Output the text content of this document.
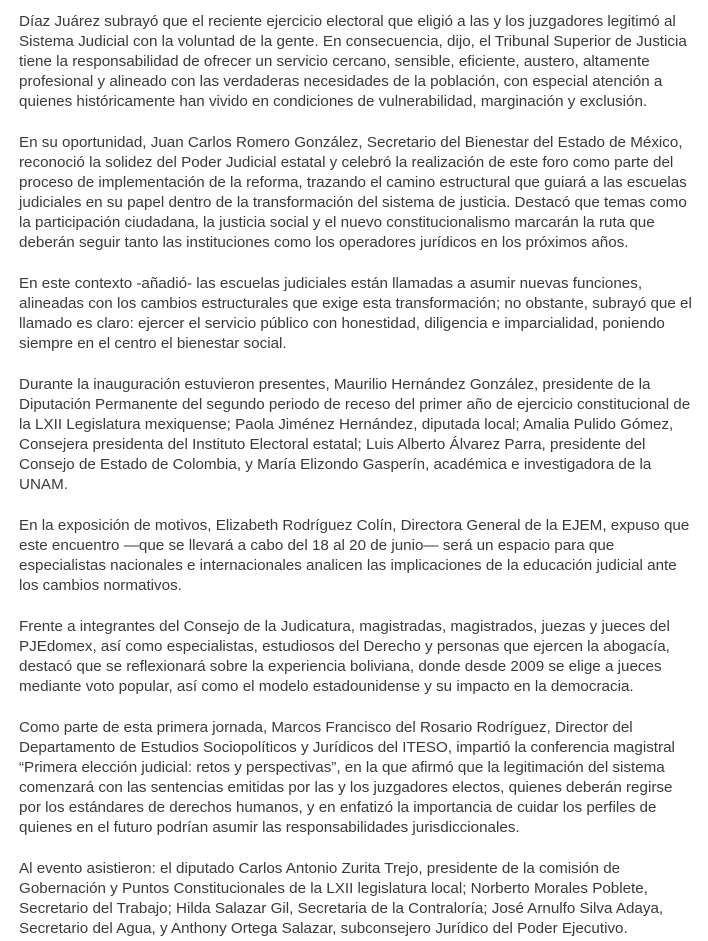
Díaz Juárez subrayó que el reciente ejercicio electoral que eligió a las y los juzgadores legitimó al Sistema Judicial con la voluntad de la gente. En consecuencia, dijo, el Tribunal Superior de Justicia tiene la responsabilidad de ofrecer un servicio cercano, sensible, eficiente, austero, altamente profesional y alineado con las verdaderas necesidades de la población, con especial atención a quienes históricamente han vivido en condiciones de vulnerabilidad, marginación y exclusión.

En su oportunidad, Juan Carlos Romero González, Secretario del Bienestar del Estado de México, reconoció la solidez del Poder Judicial estatal y celebró la realización de este foro como parte del proceso de implementación de la reforma, trazando el camino estructural que guiará a las escuelas judiciales en su papel dentro de la transformación del sistema de justicia. Destacó que temas como la participación ciudadana, la justicia social y el nuevo constitucionalismo marcarán la ruta que deberán seguir tanto las instituciones como los operadores jurídicos en los próximos años.

En este contexto -añadió- las escuelas judiciales están llamadas a asumir nuevas funciones, alineadas con los cambios estructurales que exige esta transformación; no obstante, subrayó que el llamado es claro: ejercer el servicio público con honestidad, diligencia e imparcialidad, poniendo siempre en el centro el bienestar social.

Durante la inauguración estuvieron presentes, Maurilio Hernández González, presidente de la Diputación Permanente del segundo periodo de receso del primer año de ejercicio constitucional de la LXII Legislatura mexiquense; Paola Jiménez Hernández, diputada local; Amalia Pulido Gómez, Consejera presidenta del Instituto Electoral estatal; Luis Alberto Álvarez Parra, presidente del Consejo de Estado de Colombia, y María Elizondo Gasperín, académica e investigadora de la UNAM.

En la exposición de motivos, Elizabeth Rodríguez Colín, Directora General de la EJEM, expuso que este encuentro —que se llevará a cabo del 18 al 20 de junio— será un espacio para que especialistas nacionales e internacionales analicen las implicaciones de la educación judicial ante los cambios normativos.

Frente a integrantes del Consejo de la Judicatura, magistradas, magistrados, juezas y jueces del PJEdomex, así como especialistas, estudiosos del Derecho y personas que ejercen la abogacía, destacó que se reflexionará sobre la experiencia boliviana, donde desde 2009 se elige a jueces mediante voto popular, así como el modelo estadounidense y su impacto en la democracia.

Como parte de esta primera jornada, Marcos Francisco del Rosario Rodríguez, Director del Departamento de Estudios Sociopolíticos y Jurídicos del ITESO, impartió la conferencia magistral “Primera elección judicial: retos y perspectivas”, en la que afirmó que la legitimación del sistema comenzará con las sentencias emitidas por las y los juzgadores electos, quienes deberán regirse por los estándares de derechos humanos, y en enfatizó la importancia de cuidar los perfiles de quienes en el futuro podrían asumir las responsabilidades jurisdiccionales.

Al evento asistieron: el diputado Carlos Antonio Zurita Trejo, presidente de la comisión de Gobernación y Puntos Constitucionales de la LXII legislatura local; Norberto Morales Poblete, Secretario del Trabajo; Hilda Salazar Gil, Secretaria de la Contraloría; José Arnulfo Silva Adaya, Secretario del Agua, y Anthony Ortega Salazar, subconsejero Jurídico del Poder Ejecutivo.
